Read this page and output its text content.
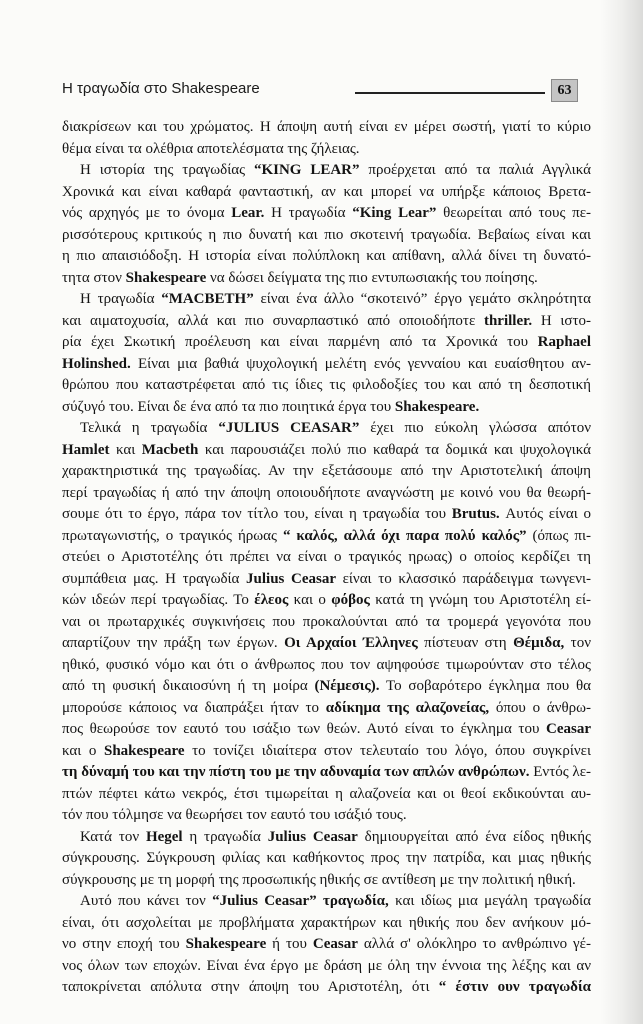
Η τραγωδία στο Shakespeare	63
διακρίσεων και του χρώματος. Η άποψη αυτή είναι εν μέρει σωστή, γιατί το κύριο
θέμα είναι τα ολέθρια αποτελέσματα της ζήλειας.
Η ιστορία της τραγωδίας “KING LEAR” προέρχεται από τα παλιά Αγγλικά
Χρονικά και είναι καθαρά φανταστική, αν και μπορεί να υπήρξε κάποιος Βρετα-
νός αρχηγός με το όνομα Lear. Η τραγωδία “King Lear” θεωρείται από τους πε-
ρισσότερους κριτικούς η πιο δυνατή και πιο σκοτεινή τραγωδία. Βεβαίως είναι και
η πιο απαισιόδοξη. Η ιστορία είναι πολύπλοκη και απίθανη, αλλά δίνει τη δυνατό-
τητα στον Shakespeare να δώσει δείγματα της πιο εντυπωσιακής του ποίησης.
Η τραγωδία “MACBETH” είναι ένα άλλο “σκοτεινό” έργο γεμάτο σκληρότητα
και αιματοχυσία, αλλά και πιο συναρπαστικό από οποιοδήποτε thriller. Η ιστο-
ρία έχει Σκωτική προέλευση και είναι παρμένη από τα Χρονικά του Raphael
Holinshed. Είναι μια βαθιά ψυχολογική μελέτη ενός γενναίου και ευαίσθητου αν-
θρώπου που καταστρέφεται από τις ίδιες τις φιλοδοξίες του και από τη δεσποτική
σύζυγό του. Είναι δε ένα από τα πιο ποιητικά έργα του Shakespeare.
Τελικά η τραγωδία “JULIUS CEASAR” έχει πιο εύκολη γλώσσα απότον
Hamlet και Macbeth και παρουσιάζει πολύ πιο καθαρά τα δομικά και ψυχολογικά
χαρακτηριστικά της τραγωδίας. Αν την εξετάσουμε από την Αριστοτελική άποψη
περί τραγωδίας ή από την άποψη οποιουδήποτε αναγνώστη με κοινό νου θα θεωρή-
σουμε ότι το έργο, πάρα τον τίτλο του, είναι η τραγωδία του Brutus. Αυτός είναι ο
πρωταγωνιστής, ο τραγικός ήρωας “ καλός, αλλά όχι παρα πολύ καλός” (όπως πι-
στεύει ο Αριστοτέλης ότι πρέπει να είναι ο τραγικός ηρωας) ο οποίος κερδίζει τη
συμπάθεια μας. Η τραγωδία Julius Ceasar είναι το κλασσικό παράδειγμα τωνγενι-
κών ιδεών περί τραγωδίας. Το έλεος και ο φόβος κατά τη γνώμη του Αριστοτέλη εί-
ναι οι πρωταρχικές συγκινήσεις που προκαλούνται από τα τρομερά γεγονότα που
απαρτίζουν την πράξη των έργων. Οι Αρχαίοι Έλληνες πίστευαν στη Θέμιδα, τον
ηθικό, φυσικό νόμο και ότι ο άνθρωπος που τον αψηφούσε τιμωρούνταν στο τέλος
από τη φυσική δικαιοσύνη ή τη μοίρα (Νέμεσις). Το σοβαρότερο έγκλημα που θα
μπορούσε κάποιος να διαπράξει ήταν το αδίκημα της αλαζονείας, όπου ο άνθρω-
πος θεωρούσε τον εαυτό του ισάξιο των θεών. Αυτό είναι το έγκλημα του Ceasar
και ο Shakespeare το τονίζει ιδιαίτερα στον τελευταίο του λόγο, όπου συγκρίνει
τη δύναμή του και την πίστη του με την αδυναμία των απλών ανθρώπων. Εντός λε-
πτών πέφτει κάτω νεκρός, έτσι τιμωρείται η αλαζονεία και οι θεοί εκδικούνται αυ-
τόν που τόλμησε να θεωρήσει τον εαυτό του ισάξιό τους.
Κατά τον Hegel η τραγωδία Julius Ceasar δημιουργείται από ένα είδος ηθικής
σύγκρουσης. Σύγκρουση φιλίας και καθήκοντος προς την πατρίδα, και μιας ηθικής
σύγκρουσης με τη μορφή της προσωπικής ηθικής σε αντίθεση με την πολιτική ηθική.
Αυτό που κάνει τον “Julius Ceasar” τραγωδία, και ιδίως μια μεγάλη τραγωδία
είναι, ότι ασχολείται με προβλήματα χαρακτήρων και ηθικής που δεν ανήκουν μό-
νο στην εποχή του Shakespeare ή του Ceasar αλλά σ' ολόκληρο το ανθρώπινο γέ-
νος όλων των εποχών. Είναι ένα έργο με δράση με όλη την έννοια της λέξης και αν
ταποκρίνεται απόλυτα στην άποψη του Αριστοτέλη, ότι “ έστιν ουν τραγωδία
